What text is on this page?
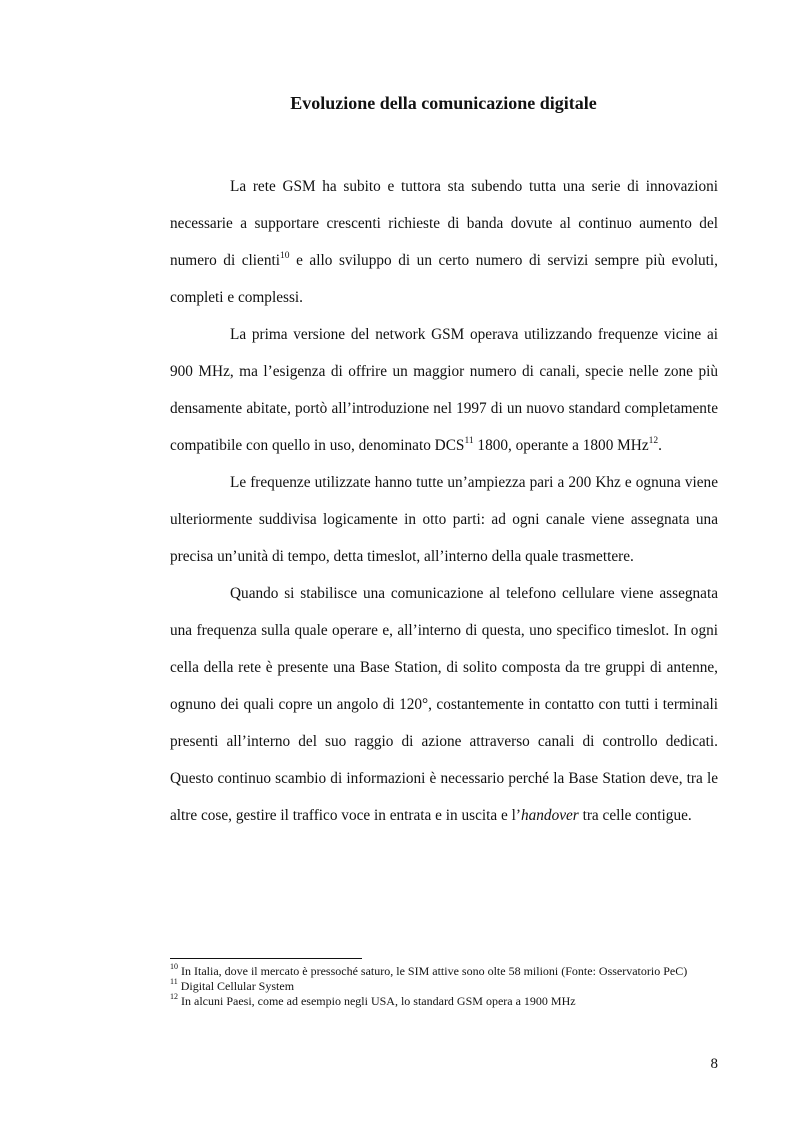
Evoluzione della comunicazione digitale

La rete GSM ha subito e tuttora sta subendo tutta una serie di innovazioni necessarie a supportare crescenti richieste di banda dovute al continuo aumento del numero di clienti$^{10}$ e allo sviluppo di un certo numero di servizi sempre più evoluti, completi e complessi.

La prima versione del network GSM operava utilizzando frequenze vicine ai 900 MHz, ma l’esigenza di offrire un maggior numero di canali, specie nelle zone più densamente abitate, portò all’introduzione nel 1997 di un nuovo standard completamente compatibile con quello in uso, denominato DCS$^{11}$ 1800, operante a 1800 MHz$^{12}$.

Le frequenze utilizzate hanno tutte un’ampiezza pari a 200 Khz e ognuna viene ulteriormente suddivisa logicamente in otto parti: ad ogni canale viene assegnata una precisa un’unità di tempo, detta timeslot, all’interno della quale trasmettere.

Quando si stabilisce una comunicazione al telefono cellulare viene assegnata una frequenza sulla quale operare e, all’interno di questa, uno specifico timeslot. In ogni cella della rete è presente una Base Station, di solito composta da tre gruppi di antenne, ognuno dei quali copre un angolo di 120°, costantemente in contatto con tutti i terminali presenti all’interno del suo raggio di azione attraverso canali di controllo dedicati. Questo continuo scambio di informazioni è necessario perché la Base Station deve, tra le altre cose, gestire il traffico voce in entrata e in uscita e l’handover tra celle contigue.

$^{10}$ In Italia, dove il mercato è pressoché saturo, le SIM attive sono olte 58 milioni (Fonte: Osservatorio PeC)

$^{11}$ Digital Cellular System

$^{12}$ In alcuni Paesi, come ad esempio negli USA, lo standard GSM opera a 1900 MHz

8
